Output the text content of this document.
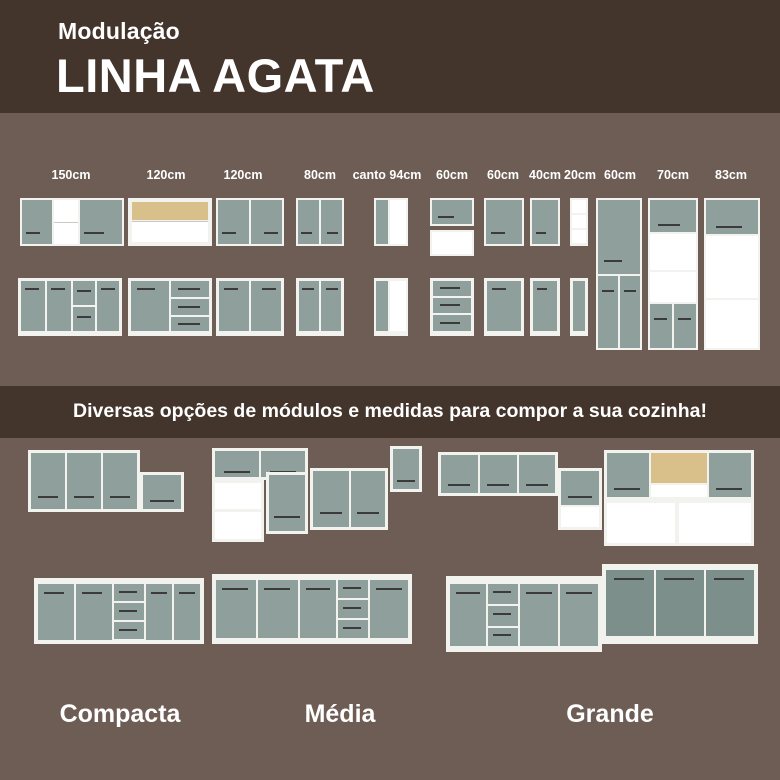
Modulação
LINHA AGATA
150cm	120cm	120cm	80cm canto 94cm 60cm 60cm 40cm 20cm 60cm 70cm 83cm
Diversas opções de módulos e medidas para compor a sua cozinha!
Compacta	Média	Grande
